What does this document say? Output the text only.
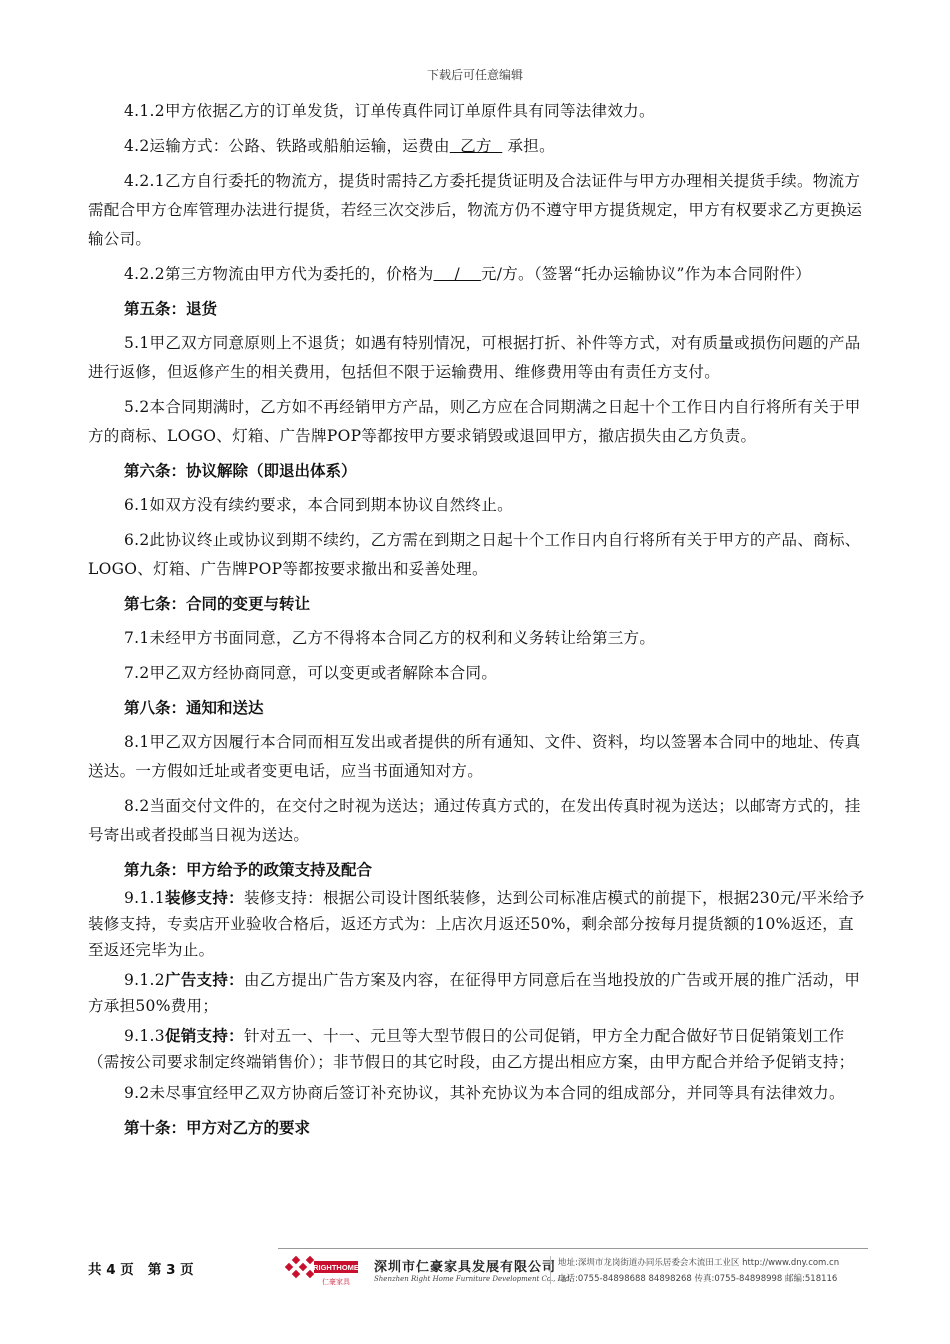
下载后可任意编辑

4.1.2甲方依据乙方的订单发货，订单传真件同订单原件具有同等法律效力。

4.2运输方式：公路、铁路或船舶运输，运费由  乙方   承担。

4.2.1乙方自行委托的物流方，提货时需持乙方委托提货证明及合法证件与甲方办理相关提货手续。物流方需配合甲方仓库管理办法进行提货，若经三次交涉后，物流方仍不遵守甲方提货规定，甲方有权要求乙方更换运输公司。

4.2.2第三方物流由甲方代为委托的，价格为    /    元/方。（签署“托办运输协议”作为本合同附件）

第五条：退货

5.1甲乙双方同意原则上不退货；如遇有特别情况，可根据打折、补件等方式，对有质量或损伤问题的产品进行返修，但返修产生的相关费用，包括但不限于运输费用、维修费用等由有责任方支付。

5.2本合同期满时，乙方如不再经销甲方产品，则乙方应在合同期满之日起十个工作日内自行将所有关于甲方的商标、LOGO、灯箱、广告牌POP等都按甲方要求销毁或退回甲方，撤店损失由乙方负责。

第六条：协议解除（即退出体系）

6.1如双方没有续约要求，本合同到期本协议自然终止。

6.2此协议终止或协议到期不续约，乙方需在到期之日起十个工作日内自行将所有关于甲方的产品、商标、LOGO、灯箱、广告牌POP等都按要求撤出和妥善处理。

第七条：合同的变更与转让

7.1未经甲方书面同意，乙方不得将本合同乙方的权利和义务转让给第三方。

7.2甲乙双方经协商同意，可以变更或者解除本合同。

第八条：通知和送达

8.1甲乙双方因履行本合同而相互发出或者提供的所有通知、文件、资料，均以签署本合同中的地址、传真送达。一方假如迁址或者变更电话，应当书面通知对方。

8.2当面交付文件的，在交付之时视为送达；通过传真方式的，在发出传真时视为送达；以邮寄方式的，挂号寄出或者投邮当日视为送达。

第九条：甲方给予的政策支持及配合

9.1.1装修支持：装修支持：根据公司设计图纸装修，达到公司标准店模式的前提下，根据230元/平米给予装修支持，专卖店开业验收合格后，返还方式为：上店次月返还50%，剩余部分按每月提货额的10%返还，直至返还完毕为止。

9.1.2广告支持：由乙方提出广告方案及内容，在征得甲方同意后在当地投放的广告或开展的推广活动，甲方承担50%费用；

9.1.3促销支持：针对五一、十一、元旦等大型节假日的公司促销，甲方全力配合做好节日促销策划工作（需按公司要求制定终端销售价）；非节假日的其它时段，由乙方提出相应方案，由甲方配合并给予促销支持；

9.2未尽事宜经甲乙双方协商后签订补充协议，其补充协议为本合同的组成部分，并同等具有法律效力。

第十条：甲方对乙方的要求

共 4 页   第 3 页	RIGHTHOME
仁豪家具
深圳市仁豪家具发展有限公司
Shenzhen Right Home Furniture Development Co., Ltd.
地址:深圳市龙岗街道办同乐居委会木流田工业区 http://www.dny.com.cn
电话:0755-84898688 84898268 传真:0755-84898998 邮编:518116
